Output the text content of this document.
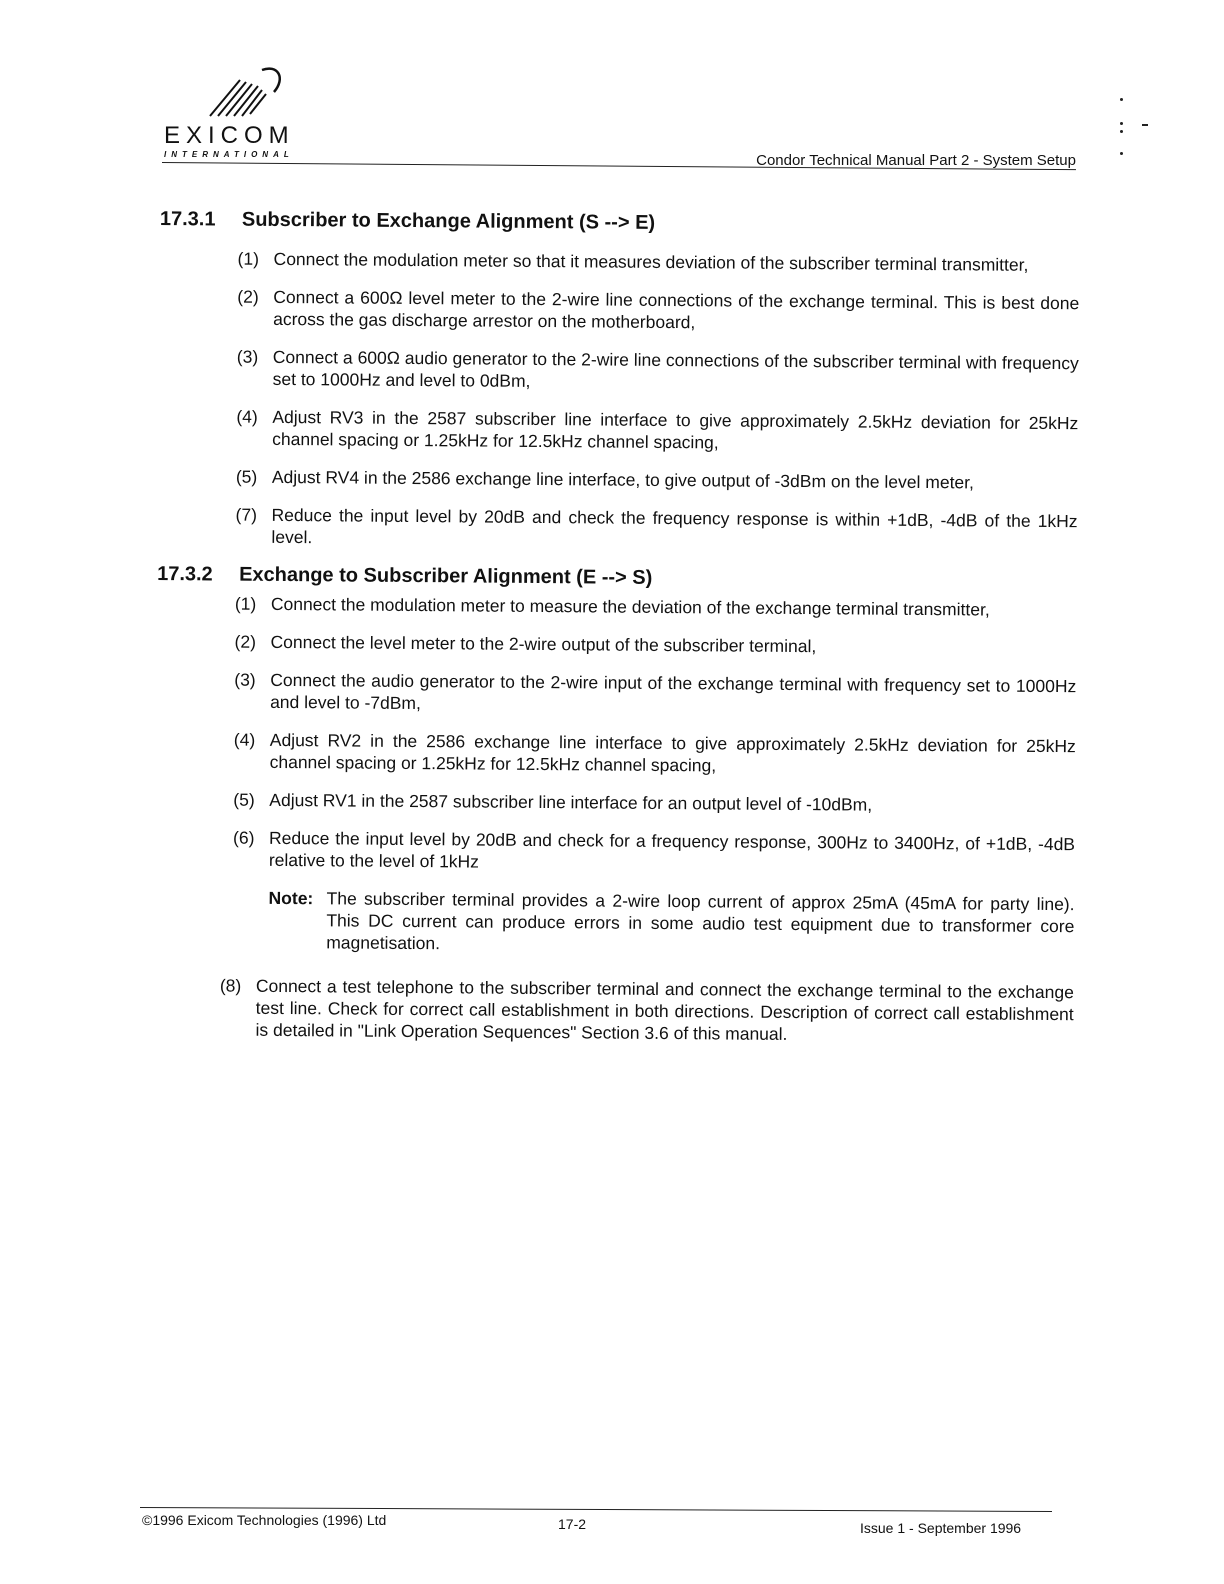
EXICOM
INTERNATIONAL	Condor Technical Manual Part 2 - System Setup
17.3.1	Subscriber to Exchange Alignment (S --> E)
(1) Connect the modulation meter so that it measures deviation of the subscriber terminal transmitter,
(2) Connect a 600Ω level meter to the 2-wire line connections of the exchange terminal. This is best done across the gas discharge arrestor on the motherboard,
(3) Connect a 600Ω audio generator to the 2-wire line connections of the subscriber terminal with frequency set to 1000Hz and level to 0dBm,
(4) Adjust RV3 in the 2587 subscriber line interface to give approximately 2.5kHz deviation for 25kHz channel spacing or 1.25kHz for 12.5kHz channel spacing,
(5) Adjust RV4 in the 2586 exchange line interface, to give output of -3dBm on the level meter,
(7) Reduce the input level by 20dB and check the frequency response is within +1dB, -4dB of the 1kHz level.
17.3.2	Exchange to Subscriber Alignment (E --> S)
(1) Connect the modulation meter to measure the deviation of the exchange terminal transmitter,
(2) Connect the level meter to the 2-wire output of the subscriber terminal,
(3) Connect the audio generator to the 2-wire input of the exchange terminal with frequency set to 1000Hz and level to -7dBm,
(4) Adjust RV2 in the 2586 exchange line interface to give approximately 2.5kHz deviation for 25kHz channel spacing or 1.25kHz for 12.5kHz channel spacing,
(5) Adjust RV1 in the 2587 subscriber line interface for an output level of -10dBm,
(6) Reduce the input level by 20dB and check for a frequency response, 300Hz to 3400Hz, of +1dB, -4dB relative to the level of 1kHz
Note: The subscriber terminal provides a 2-wire loop current of approx 25mA (45mA for party line). This DC current can produce errors in some audio test equipment due to transformer core magnetisation.
(8) Connect a test telephone to the subscriber terminal and connect the exchange terminal to the exchange test line. Check for correct call establishment in both directions. Description of correct call establishment is detailed in "Link Operation Sequences" Section 3.6 of this manual.
©1996 Exicom Technologies (1996) Ltd	17-2	Issue 1 - September 1996
